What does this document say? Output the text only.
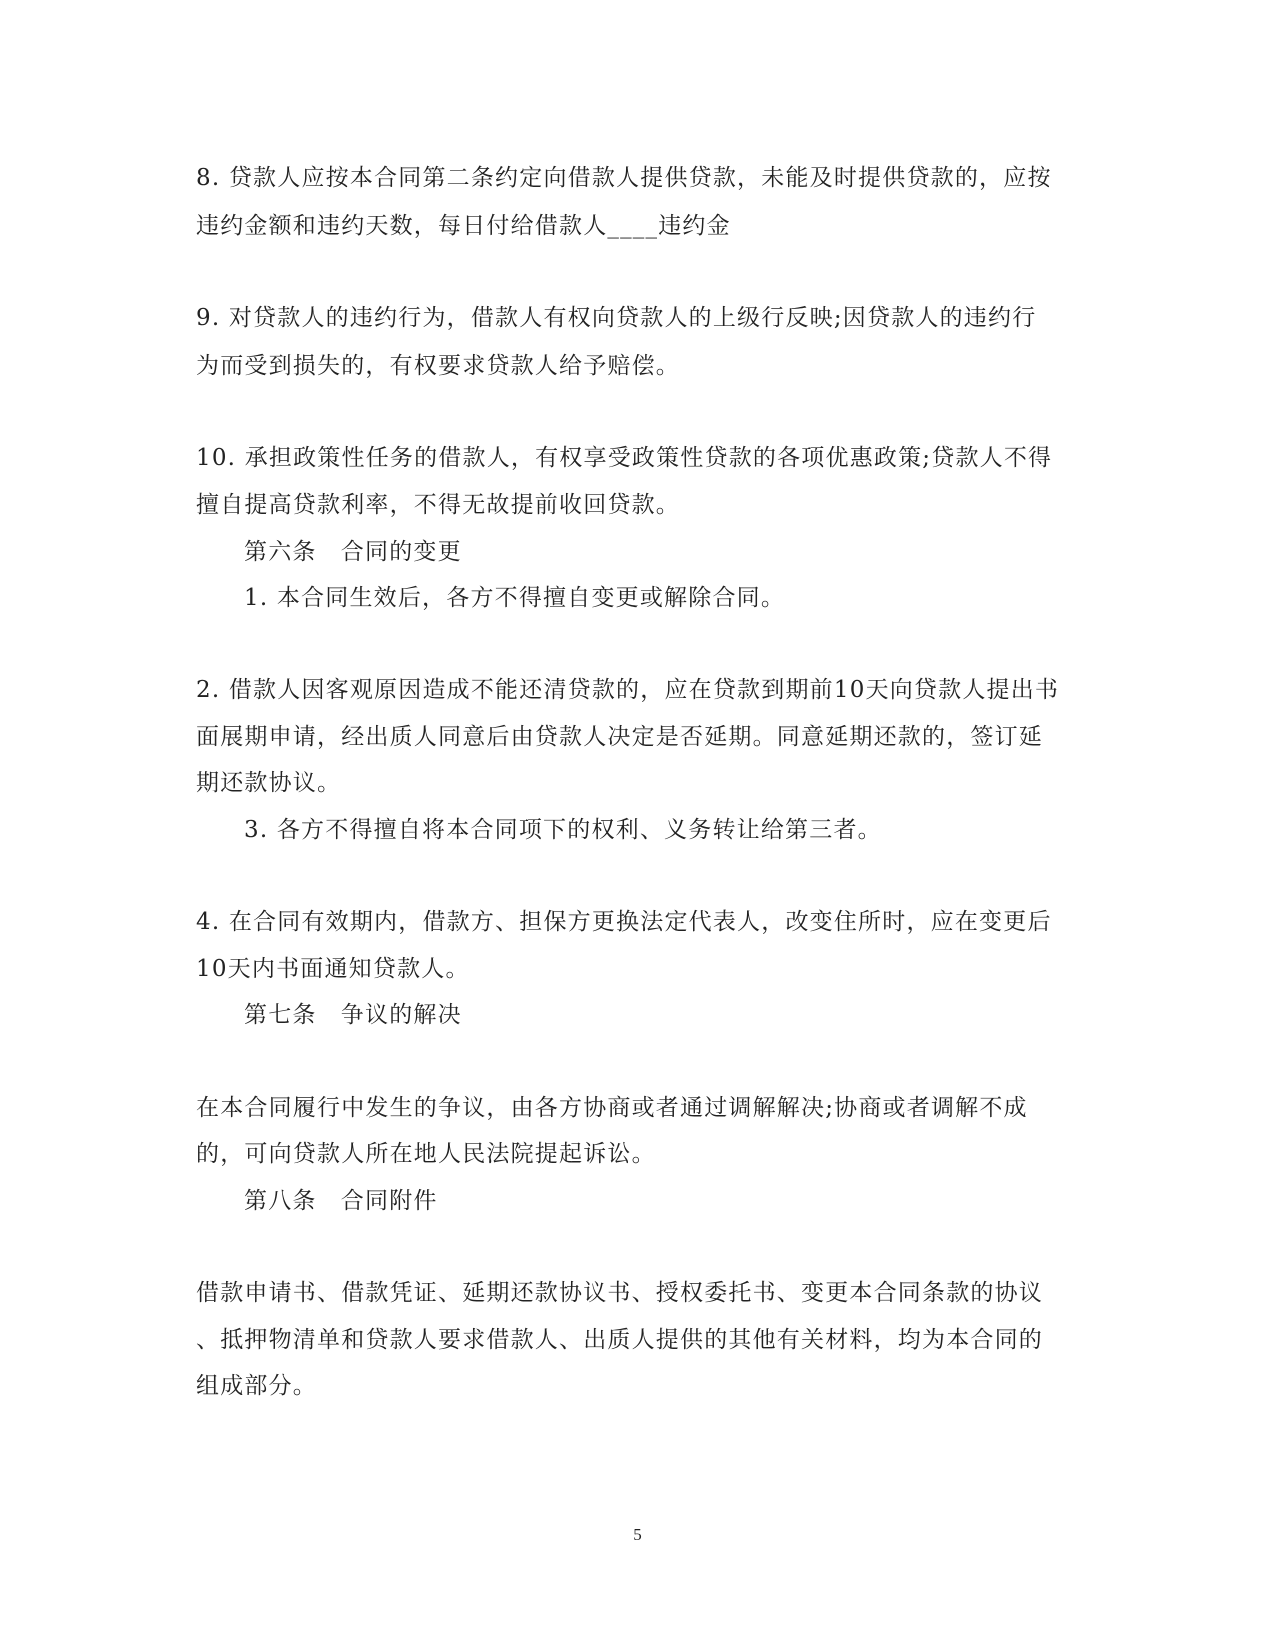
8. 贷款人应按本合同第二条约定向借款人提供贷款，未能及时提供贷款的，应按
违约金额和违约天数，每日付给借款人____违约金
9. 对贷款人的违约行为，借款人有权向贷款人的上级行反映;因贷款人的违约行
为而受到损失的，有权要求贷款人给予赔偿。
10. 承担政策性任务的借款人，有权享受政策性贷款的各项优惠政策;贷款人不得
擅自提高贷款利率，不得无故提前收回贷款。
第六条　合同的变更
1. 本合同生效后，各方不得擅自变更或解除合同。
2. 借款人因客观原因造成不能还清贷款的，应在贷款到期前10天向贷款人提出书
面展期申请，经出质人同意后由贷款人决定是否延期。同意延期还款的，签订延
期还款协议。
3. 各方不得擅自将本合同项下的权利、义务转让给第三者。
4. 在合同有效期内，借款方、担保方更换法定代表人，改变住所时，应在变更后
10天内书面通知贷款人。
第七条　争议的解决
在本合同履行中发生的争议，由各方协商或者通过调解解决;协商或者调解不成
的，可向贷款人所在地人民法院提起诉讼。
第八条　合同附件
借款申请书、借款凭证、延期还款协议书、授权委托书、变更本合同条款的协议
、抵押物清单和贷款人要求借款人、出质人提供的其他有关材料，均为本合同的
组成部分。
5
